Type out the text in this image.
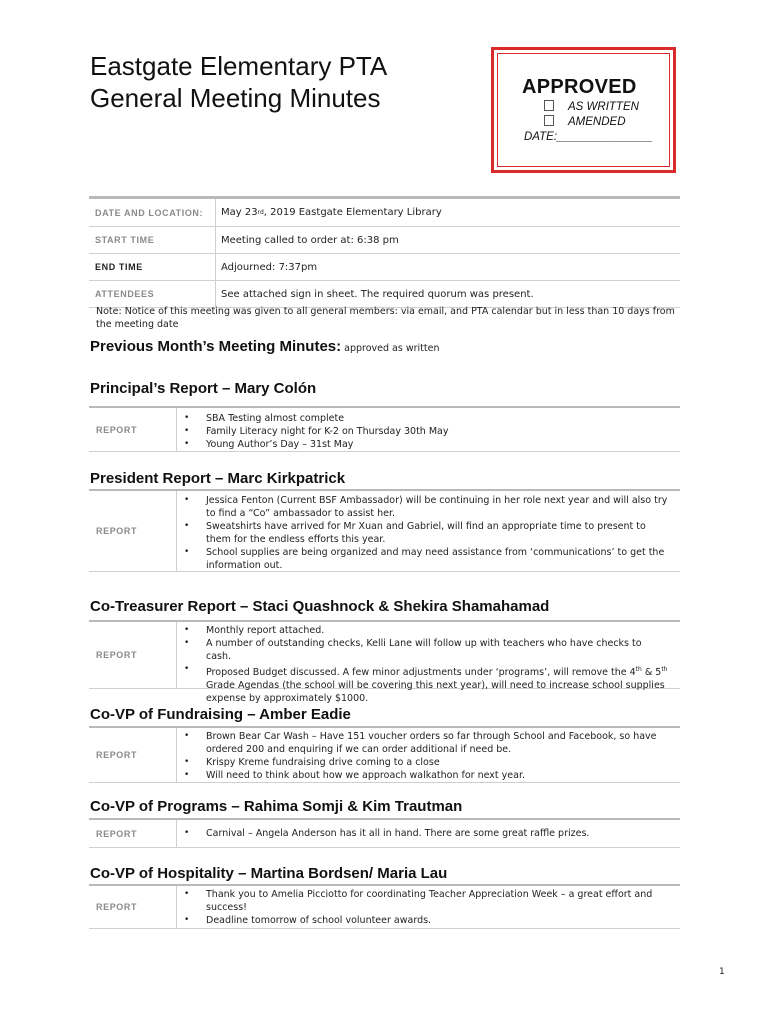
Eastgate Elementary PTA
General Meeting Minutes	APPROVED
AS WRITTEN
AMENDED
DATE:_______________
DATE AND LOCATION:	May 23 rd , 2019 Eastgate Elementary Library
START TIME	Meeting called to order at: 6:38 pm
END TIME	Adjourned: 7:37pm
ATTENDEES	See attached sign in sheet. The required quorum was present.
Note: Notice of this meeting was given to all general members: via email, and PTA calendar but in less than 10 days from the meeting date
Previous Month’s Meeting Minutes: approved as written
Principal’s Report – Mary Colón
REPORT
• SBA Testing almost complete
• Family Literacy night for K-2 on Thursday 30th May
• Young Author’s Day – 31st May
President Report – Marc Kirkpatrick
REPORT
• Jessica Fenton (Current BSF Ambassador) will be continuing in her role next year and will also try to find a “Co” ambassador to assist her.
• Sweatshirts have arrived for Mr Xuan and Gabriel, will find an appropriate time to present to them for the endless efforts this year.
• School supplies are being organized and may need assistance from ‘communications’ to get the information out.
Co-Treasurer Report – Staci Quashnock & Shekira Shamahamad
REPORT
• Monthly report attached.
• A number of outstanding checks, Kelli Lane will follow up with teachers who have checks to cash.
• Proposed Budget discussed. A few minor adjustments under ‘programs’, will remove the 4th & 5th Grade Agendas (the school will be covering this next year), will need to increase school supplies expense by approximately $1000.
Co-VP of Fundraising – Amber Eadie
REPORT
• Brown Bear Car Wash – Have 151 voucher orders so far through School and Facebook, so have ordered 200 and enquiring if we can order additional if need be.
• Krispy Kreme fundraising drive coming to a close
• Will need to think about how we approach walkathon for next year.
Co-VP of Programs – Rahima Somji & Kim Trautman
REPORT
•	Carnival – Angela Anderson has it all in hand. There are some great raffle prizes.
Co-VP of Hospitality – Martina Bordsen/ Maria Lau
REPORT
• Thank you to Amelia Picciotto for coordinating Teacher Appreciation Week – a great effort and success!
• Deadline tomorrow of school volunteer awards.
1
